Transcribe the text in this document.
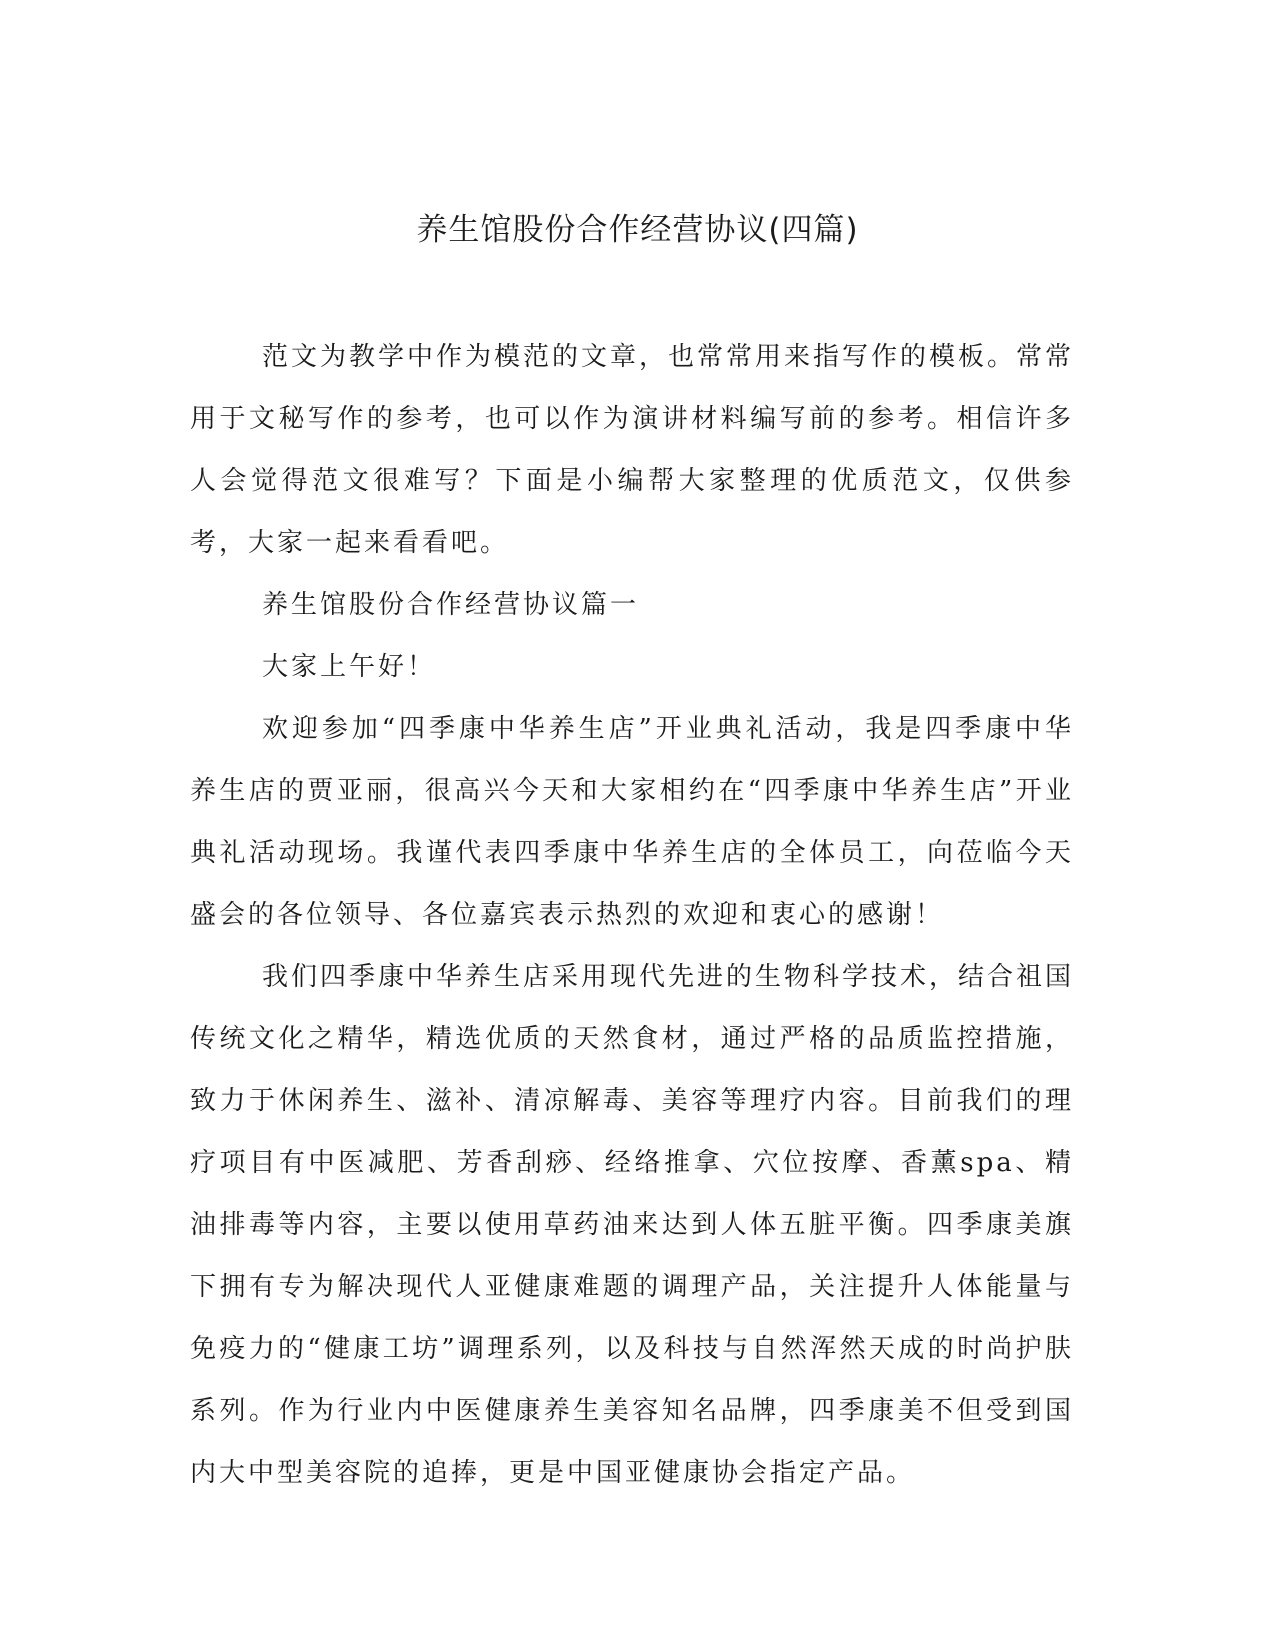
养生馆股份合作经营协议(四篇)

范文为教学中作为模范的文章，也常常用来指写作的模板。常常用于文秘写作的参考，也可以作为演讲材料编写前的参考。相信许多人会觉得范文很难写？下面是小编帮大家整理的优质范文，仅供参考，大家一起来看看吧。

养生馆股份合作经营协议篇一

大家上午好！

欢迎参加“四季康中华养生店”开业典礼活动，我是四季康中华养生店的贾亚丽，很高兴今天和大家相约在“四季康中华养生店”开业典礼活动现场。我谨代表四季康中华养生店的全体员工，向莅临今天盛会的各位领导、各位嘉宾表示热烈的欢迎和衷心的感谢！

我们四季康中华养生店采用现代先进的生物科学技术，结合祖国传统文化之精华，精选优质的天然食材，通过严格的品质监控措施，致力于休闲养生、滋补、清凉解毒、美容等理疗内容。目前我们的理疗项目有中医减肥、芳香刮痧、经络推拿、穴位按摩、香薰spa、精油排毒等内容，主要以使用草药油来达到人体五脏平衡。四季康美旗下拥有专为解决现代人亚健康难题的调理产品，关注提升人体能量与免疫力的“健康工坊”调理系列，以及科技与自然浑然天成的时尚护肤系列。作为行业内中医健康养生美容知名品牌，四季康美不但受到国内大中型美容院的追捧，更是中国亚健康协会指定产品。
